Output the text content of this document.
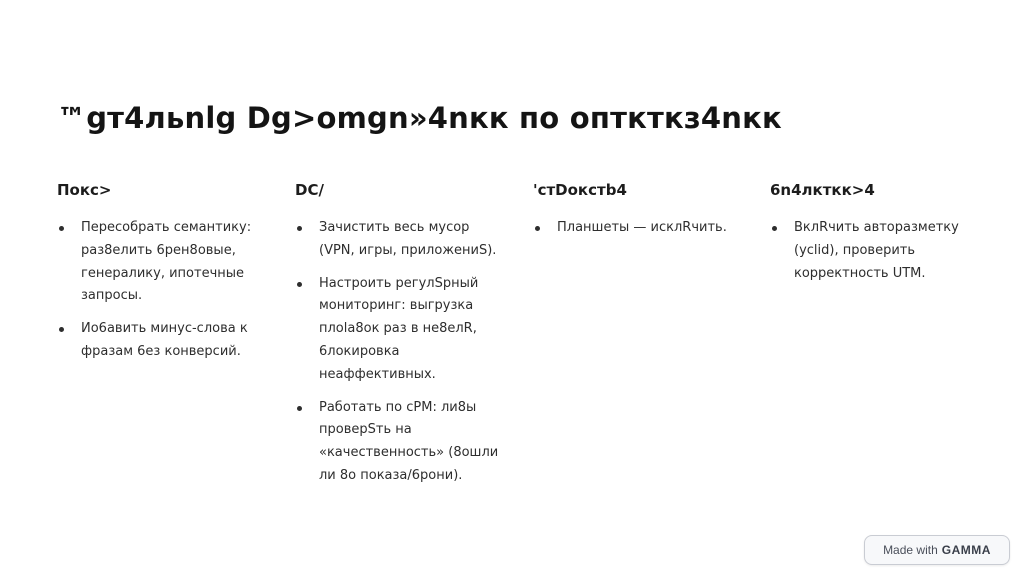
™gт4льnlg Dg>omgn»4nкк по опткткз4nкк
Покс>
Пересобрать семантику: раз8елить 6рен8овые, генералику, ипотечные запросы.
Ио6авить минус-слова к фразам 6ез конверсий.
DC/
Зачистить весь мусор (VPN, игры, приложениS).
Настроить регулSрный мониторинг: выгрузка плоlа8ок раз в не8елR, 6локировка неаффективных.
Работать по сPM: ли8ы проверSть на «качественность» (8ошли ли 8о показа/6рони).
'стDокстb4
Планшеты — исклRчить.
6n4лкткк>4
ВклRчить авторазметку (yclid), проверить корректность UTM.
Made with GAMMA
